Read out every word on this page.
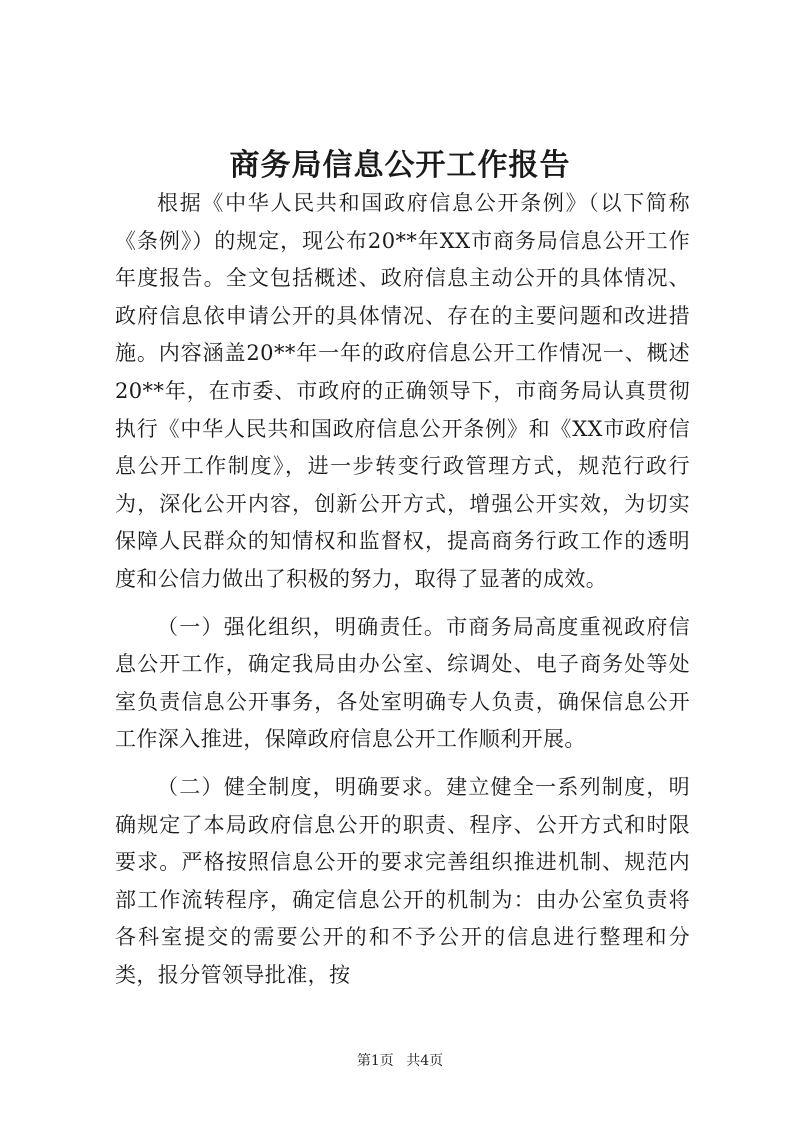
商务局信息公开工作报告

根据《中华人民共和国政府信息公开条例》（以下简称《条例》）的规定，现公布20**年XX市商务局信息公开工作年度报告。全文包括概述、政府信息主动公开的具体情况、政府信息依申请公开的具体情况、存在的主要问题和改进措施。内容涵盖20**年一年的政府信息公开工作情况一、概述20**年，在市委、市政府的正确领导下，市商务局认真贯彻执行《中华人民共和国政府信息公开条例》和《XX市政府信息公开工作制度》，进一步转变行政管理方式，规范行政行为，深化公开内容，创新公开方式，增强公开实效，为切实保障人民群众的知情权和监督权，提高商务行政工作的透明度和公信力做出了积极的努力，取得了显著的成效。

（一）强化组织，明确责任。市商务局高度重视政府信息公开工作，确定我局由办公室、综调处、电子商务处等处室负责信息公开事务，各处室明确专人负责，确保信息公开工作深入推进，保障政府信息公开工作顺利开展。

（二）健全制度，明确要求。建立健全一系列制度，明确规定了本局政府信息公开的职责、程序、公开方式和时限要求。严格按照信息公开的要求完善组织推进机制、规范内部工作流转程序，确定信息公开的机制为：由办公室负责将各科室提交的需要公开的和不予公开的信息进行整理和分类，报分管领导批准，按

第1页 共4页
